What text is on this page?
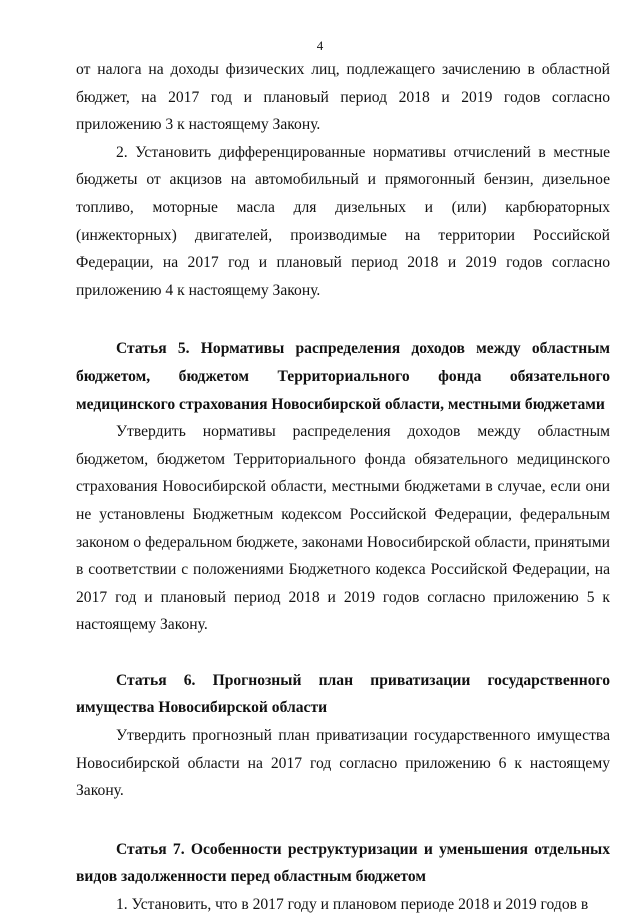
4

от налога на доходы физических лиц, подлежащего зачислению в областной бюджет, на 2017 год и плановый период 2018 и 2019 годов согласно приложению 3 к настоящему Закону.

2. Установить дифференцированные нормативы отчислений в местные бюджеты от акцизов на автомобильный и прямогонный бензин, дизельное топливо, моторные масла для дизельных и (или) карбюраторных (инжекторных) двигателей, производимые на территории Российской Федерации, на 2017 год и плановый период 2018 и 2019 годов согласно приложению 4 к настоящему Закону.

Статья 5. Нормативы распределения доходов между областным бюджетом, бюджетом Территориального фонда обязательного медицинского страхования Новосибирской области, местными бюджетами

Утвердить нормативы распределения доходов между областным бюджетом, бюджетом Территориального фонда обязательного медицинского страхования Новосибирской области, местными бюджетами в случае, если они не установлены Бюджетным кодексом Российской Федерации, федеральным законом о федеральном бюджете, законами Новосибирской области, принятыми в соответствии с положениями Бюджетного кодекса Российской Федерации, на 2017 год и плановый период 2018 и 2019 годов согласно приложению 5 к настоящему Закону.

Статья 6. Прогнозный план приватизации государственного имущества Новосибирской области

Утвердить прогнозный план приватизации государственного имущества Новосибирской области на 2017 год согласно приложению 6 к настоящему Закону.

Статья 7. Особенности реструктуризации и уменьшения отдельных видов задолженности перед областным бюджетом

1. Установить, что в 2017 году и плановом периоде 2018 и 2019 годов в
